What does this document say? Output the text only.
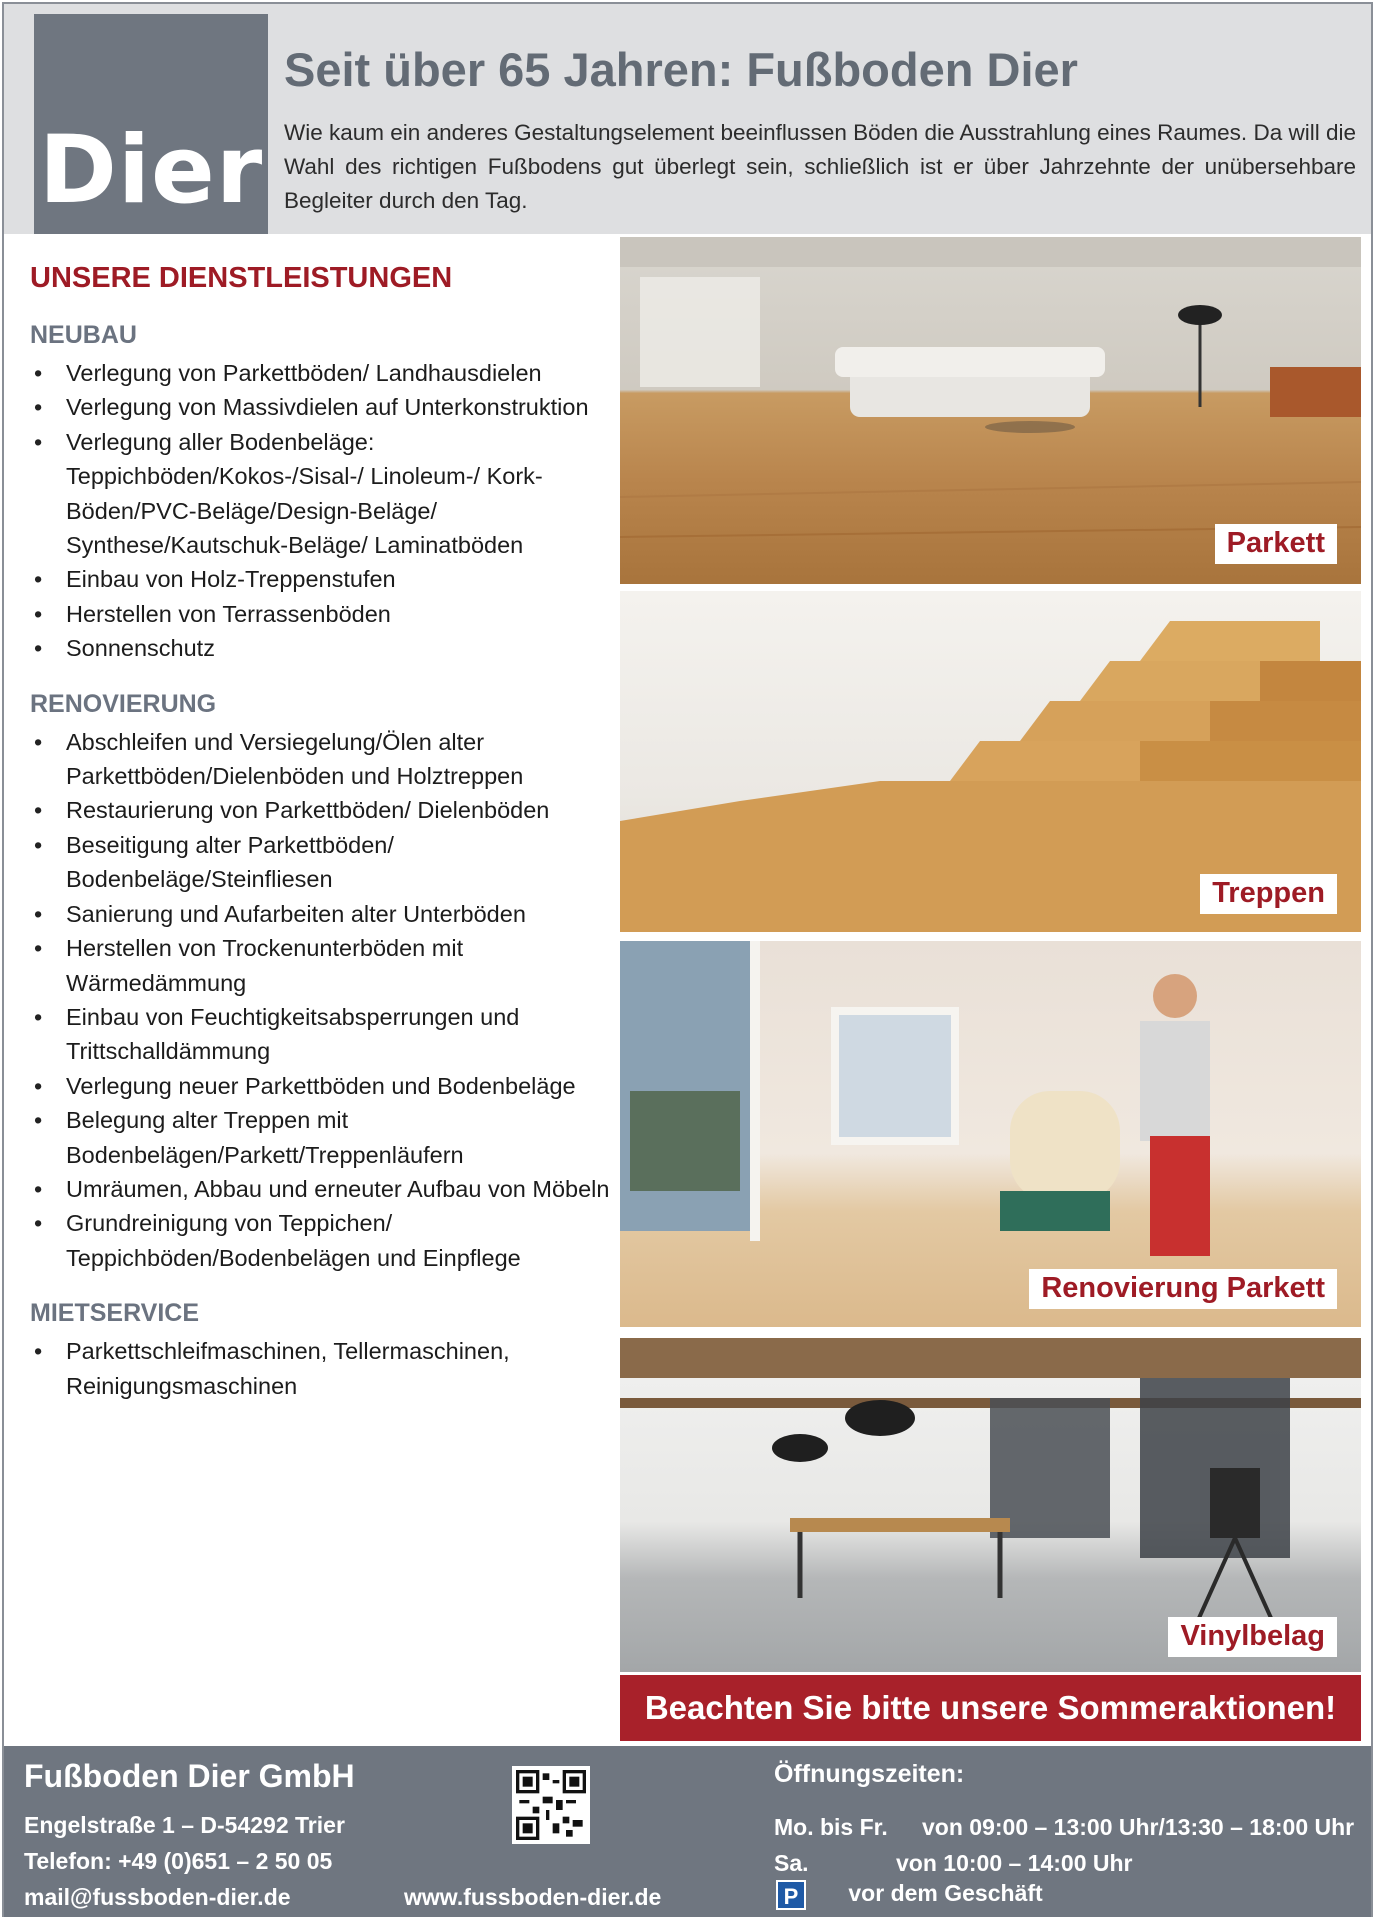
Dier
Seit über 65 Jahren: Fußboden Dier

Wie kaum ein anderes Gestaltungselement beeinflussen Böden die Ausstrahlung eines Raumes. Da will die Wahl des richtigen Fußbodens gut überlegt sein, schließlich ist er über Jahrzehnte der unübersehbare Begleiter durch den Tag.

UNSERE DIENSTLEISTUNGEN
NEUBAU
• Verlegung von Parkettböden/ Landhausdielen
• Verlegung von Massivdielen auf Unterkonstruktion
• Verlegung aller Bodenbeläge: Teppichböden/Kokos-/Sisal-/ Linoleum-/ Kork-Böden/PVC-Beläge/Design-Beläge/ Synthese/Kautschuk-Beläge/ Laminatböden
• Einbau von Holz-Treppenstufen
• Herstellen von Terrassenböden
• Sonnenschutz
RENOVIERUNG
• Abschleifen und Versiegelung/Ölen alter Parkettböden/Dielenböden und Holztreppen
• Restaurierung von Parkettböden/ Dielenböden
• Beseitigung alter Parkettböden/ Bodenbeläge/Steinfliesen
• Sanierung und Aufarbeiten alter Unterböden
• Herstellen von Trockenunterböden mit Wärmedämmung
• Einbau von Feuchtigkeitsabsperrungen und Trittschalldämmung
• Verlegung neuer Parkettböden und Bodenbeläge
• Belegung alter Treppen mit Bodenbelägen/Parkett/Treppenläufern
• Umräumen, Abbau und erneuter Aufbau von Möbeln
• Grundreinigung von Teppichen/ Teppichböden/Bodenbelägen und Einpflege
MIETSERVICE
• Parkettschleifmaschinen, Tellermaschinen, Reinigungsmaschinen
Parkett
Treppen
Renovierung Parkett
Vinylbelag
Beachten Sie bitte unsere Sommeraktionen!
Fußboden Dier GmbH
Engelstraße 1 – D-54292 Trier
Telefon: +49 (0)651 – 2 50 05
mail@fussboden-dier.de	www.fussboden-dier.de
Öffnungszeiten:
Mo. bis Fr. von 09:00 – 13:00 Uhr/13:30 – 18:00 Uhr
Sa.	von 10:00 – 14:00 Uhr
P vor dem Geschäft
